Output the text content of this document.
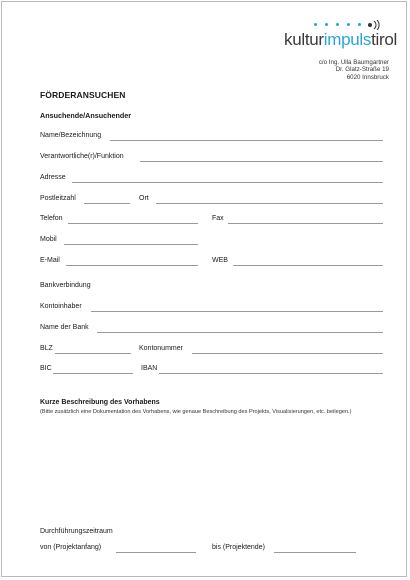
kulturimpulstirol
c/o Ing. Ulla Baumgartner
Dr. Glatz-Straße 19
6020 Innsbruck
FÖRDERANSUCHEN
Ansuchende/Ansuchender
Name/Bezeichnung
Verantwortliche(r)/Funktion
Adresse
Postleitzahl	Ort
Telefon	Fax
Mobil
E-Mail	WEB
Bankverbindung
Kontoinhaber
Name der Bank
BLZ	Kontonummer
BIC	IBAN
Kurze Beschreibung des Vorhabens
(Bitte zusätzlich eine Dokumentation des Vorhabens, wie genaue Beschreibung des Projekts, Visualisierungen, etc. beilegen.)
Durchführungszeitraum
von (Projektanfang)	bis (Projektende)
